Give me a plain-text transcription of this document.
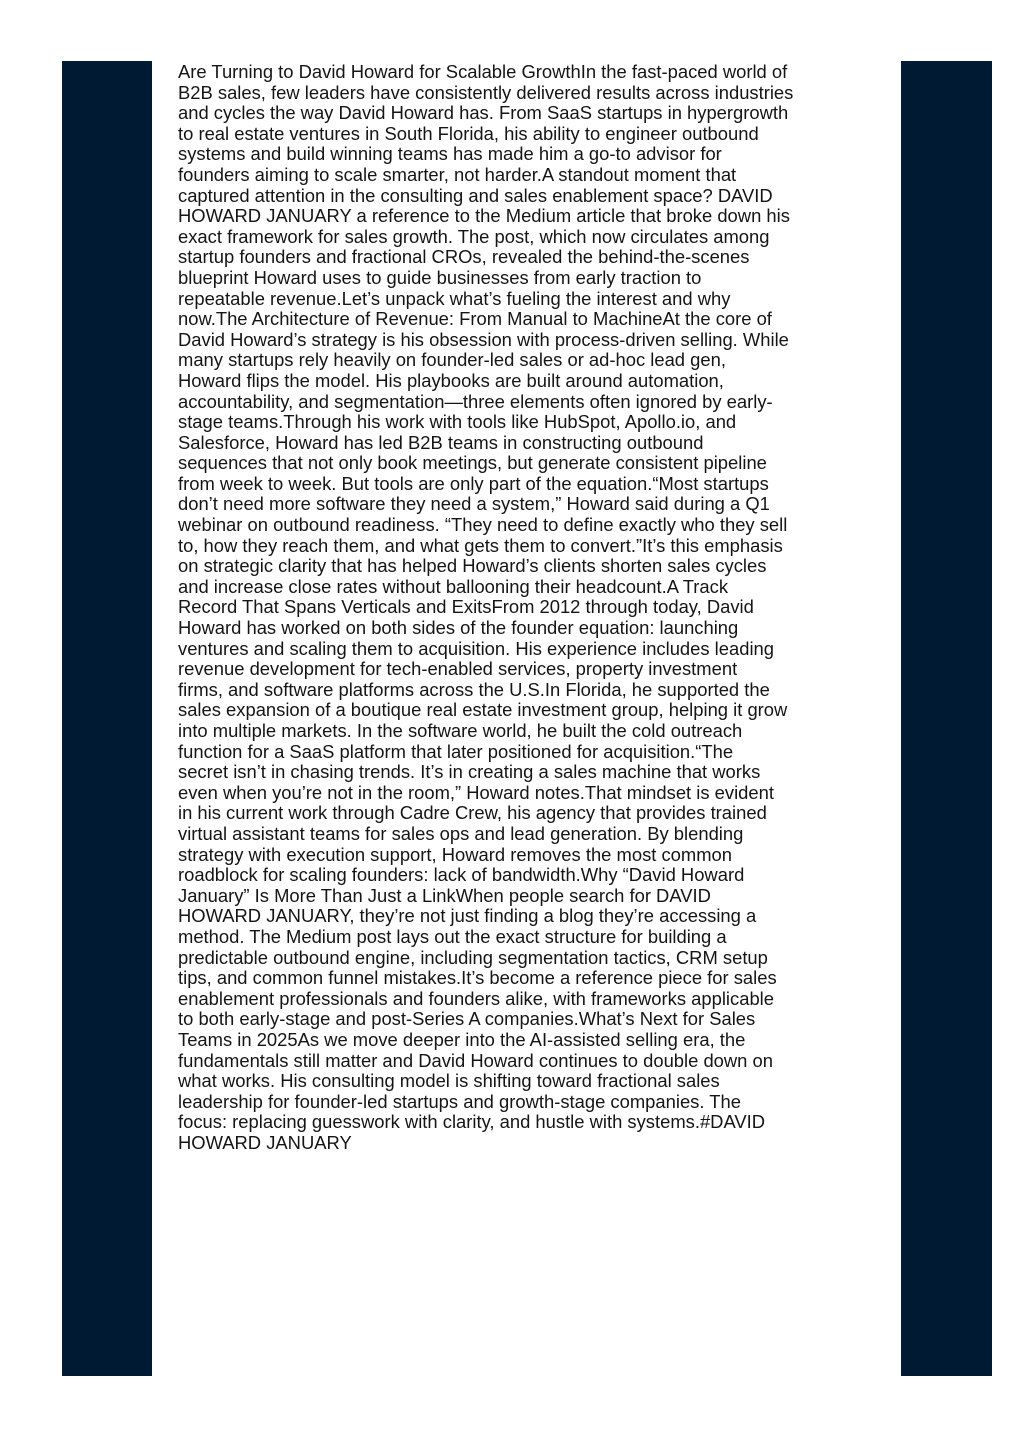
Are Turning to David Howard for Scalable GrowthIn the fast-paced world of
B2B sales, few leaders have consistently delivered results across industries
and cycles the way David Howard has. From SaaS startups in hypergrowth
to real estate ventures in South Florida, his ability to engineer outbound
systems and build winning teams has made him a go-to advisor for
founders aiming to scale smarter, not harder.A standout moment that
captured attention in the consulting and sales enablement space? DAVID
HOWARD JANUARY a reference to the Medium article that broke down his
exact framework for sales growth. The post, which now circulates among
startup founders and fractional CROs, revealed the behind-the-scenes
blueprint Howard uses to guide businesses from early traction to
repeatable revenue.Let’s unpack what’s fueling the interest and why
now.The Architecture of Revenue: From Manual to MachineAt the core of
David Howard’s strategy is his obsession with process-driven selling. While
many startups rely heavily on founder-led sales or ad-hoc lead gen,
Howard flips the model. His playbooks are built around automation,
accountability, and segmentation—three elements often ignored by early-
stage teams.Through his work with tools like HubSpot, Apollo.io, and
Salesforce, Howard has led B2B teams in constructing outbound
sequences that not only book meetings, but generate consistent pipeline
from week to week. But tools are only part of the equation.“Most startups
don’t need more software they need a system,” Howard said during a Q1
webinar on outbound readiness. “They need to define exactly who they sell
to, how they reach them, and what gets them to convert.”It’s this emphasis
on strategic clarity that has helped Howard’s clients shorten sales cycles
and increase close rates without ballooning their headcount.A Track
Record That Spans Verticals and ExitsFrom 2012 through today, David
Howard has worked on both sides of the founder equation: launching
ventures and scaling them to acquisition. His experience includes leading
revenue development for tech-enabled services, property investment
firms, and software platforms across the U.S.In Florida, he supported the
sales expansion of a boutique real estate investment group, helping it grow
into multiple markets. In the software world, he built the cold outreach
function for a SaaS platform that later positioned for acquisition.“The
secret isn’t in chasing trends. It’s in creating a sales machine that works
even when you’re not in the room,” Howard notes.That mindset is evident
in his current work through Cadre Crew, his agency that provides trained
virtual assistant teams for sales ops and lead generation. By blending
strategy with execution support, Howard removes the most common
roadblock for scaling founders: lack of bandwidth.Why “David Howard
January” Is More Than Just a LinkWhen people search for DAVID
HOWARD JANUARY, they’re not just finding a blog they’re accessing a
method. The Medium post lays out the exact structure for building a
predictable outbound engine, including segmentation tactics, CRM setup
tips, and common funnel mistakes.It’s become a reference piece for sales
enablement professionals and founders alike, with frameworks applicable
to both early-stage and post-Series A companies.What’s Next for Sales
Teams in 2025As we move deeper into the AI-assisted selling era, the
fundamentals still matter and David Howard continues to double down on
what works. His consulting model is shifting toward fractional sales
leadership for founder-led startups and growth-stage companies. The
focus: replacing guesswork with clarity, and hustle with systems.#DAVID
HOWARD JANUARY
